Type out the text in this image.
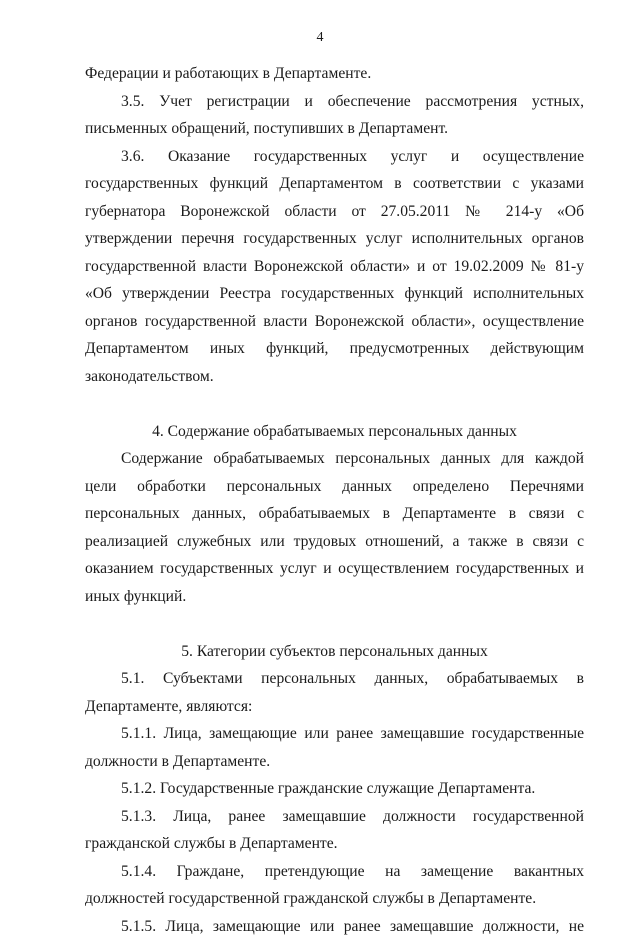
4

Федерации и работающих в Департаменте.

3.5. Учет регистрации и обеспечение рассмотрения устных, письменных обращений, поступивших в Департамент.

3.6. Оказание государственных услуг и осуществление государственных функций Департаментом в соответствии с указами губернатора Воронежской области от 27.05.2011 № 214-у «Об утверждении перечня государственных услуг исполнительных органов государственной власти Воронежской области» и от 19.02.2009 № 81-у «Об утверждении Реестра государственных функций исполнительных органов государственной власти Воронежской области», осуществление Департаментом иных функций, предусмотренных действующим законодательством.

4. Содержание обрабатываемых персональных данных

Содержание обрабатываемых персональных данных для каждой цели обработки персональных данных определено Перечнями персональных данных, обрабатываемых в Департаменте в связи с реализацией служебных или трудовых отношений, а также в связи с оказанием государственных услуг и осуществлением государственных и иных функций.

5. Категории субъектов персональных данных

5.1. Субъектами персональных данных, обрабатываемых в Департаменте, являются:

5.1.1. Лица, замещающие или ранее замещавшие государственные должности в Департаменте.

5.1.2. Государственные гражданские служащие Департамента.

5.1.3. Лица, ранее замещавшие должности государственной гражданской службы в Департаменте.

5.1.4. Граждане, претендующие на замещение вакантных должностей государственной гражданской службы в Департаменте.

5.1.5. Лица, замещающие или ранее замещавшие должности, не
